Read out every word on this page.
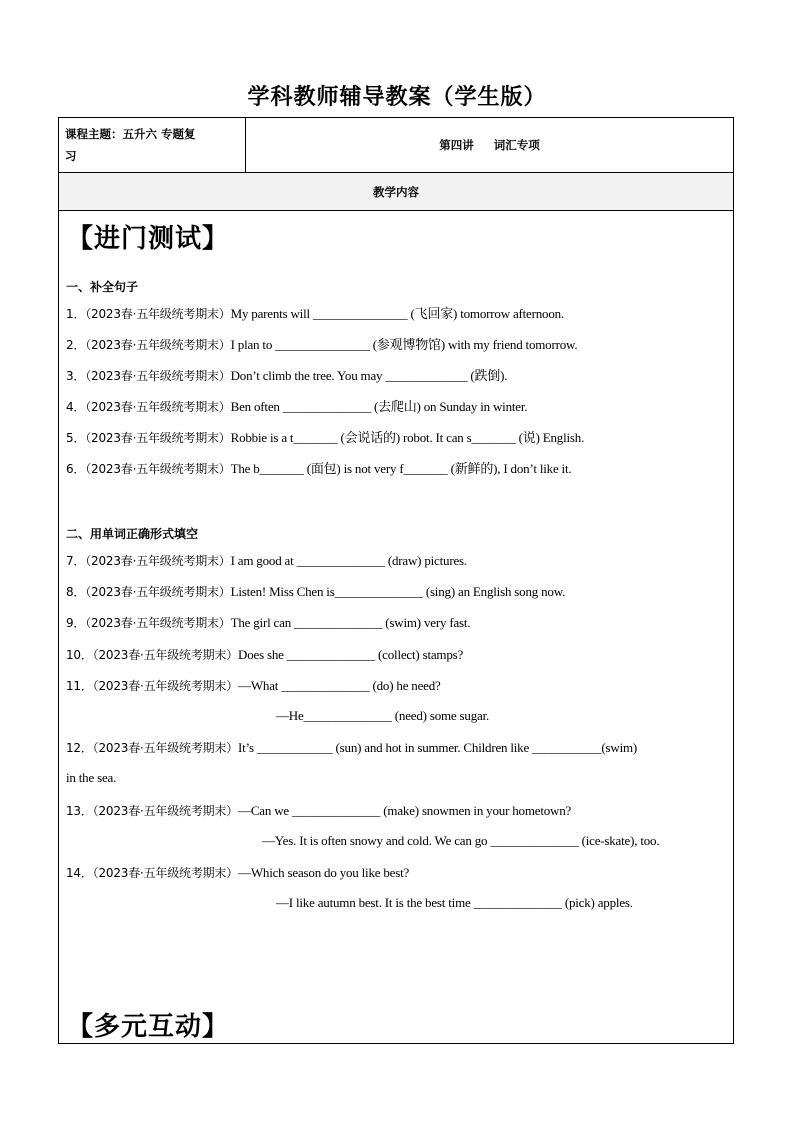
学科教师辅导教案（学生版）
课程主题：五升六 专题复
习
第四讲 词汇专项
教学内容
【进门测试】
一、补全句子
1．（2023春·五年级统考期末）My parents will _______________ (飞回家) tomorrow afternoon.
2．（2023春·五年级统考期末）I plan to _______________ (参观博物馆) with my friend tomorrow.
3．（2023春·五年级统考期末）Don’t climb the tree. You may _____________ (跌倒).
4．（2023春·五年级统考期末）Ben often ______________ (去爬山) on Sunday in winter.
5．（2023春·五年级统考期末）Robbie is a t_______ (会说话的) robot. It can s_______ (说) English.
6．（2023春·五年级统考期末）The b_______ (面包) is not very f_______ (新鲜的), I don’t like it.
二、用单词正确形式填空
7．（2023春·五年级统考期末）I am good at ______________ (draw) pictures.
8．（2023春·五年级统考期末）Listen! Miss Chen is______________ (sing) an English song now.
9．（2023春·五年级统考期末）The girl can ______________ (swim) very fast.
10．（2023春·五年级统考期末）Does she ______________ (collect) stamps?
11．（2023春·五年级统考期末）—What ______________ (do) he need?
—He______________ (need) some sugar.
12．（2023春·五年级统考期末）It’s ____________ (sun) and hot in summer. Children like ___________(swim)
in the sea.
13．（2023春·五年级统考期末）—Can we ______________ (make) snowmen in your hometown?
—Yes. It is often snowy and cold. We can go ______________ (ice-skate), too.
14．（2023春·五年级统考期末）—Which season do you like best?
—I like autumn best. It is the best time ______________ (pick) apples.
【多元互动】
